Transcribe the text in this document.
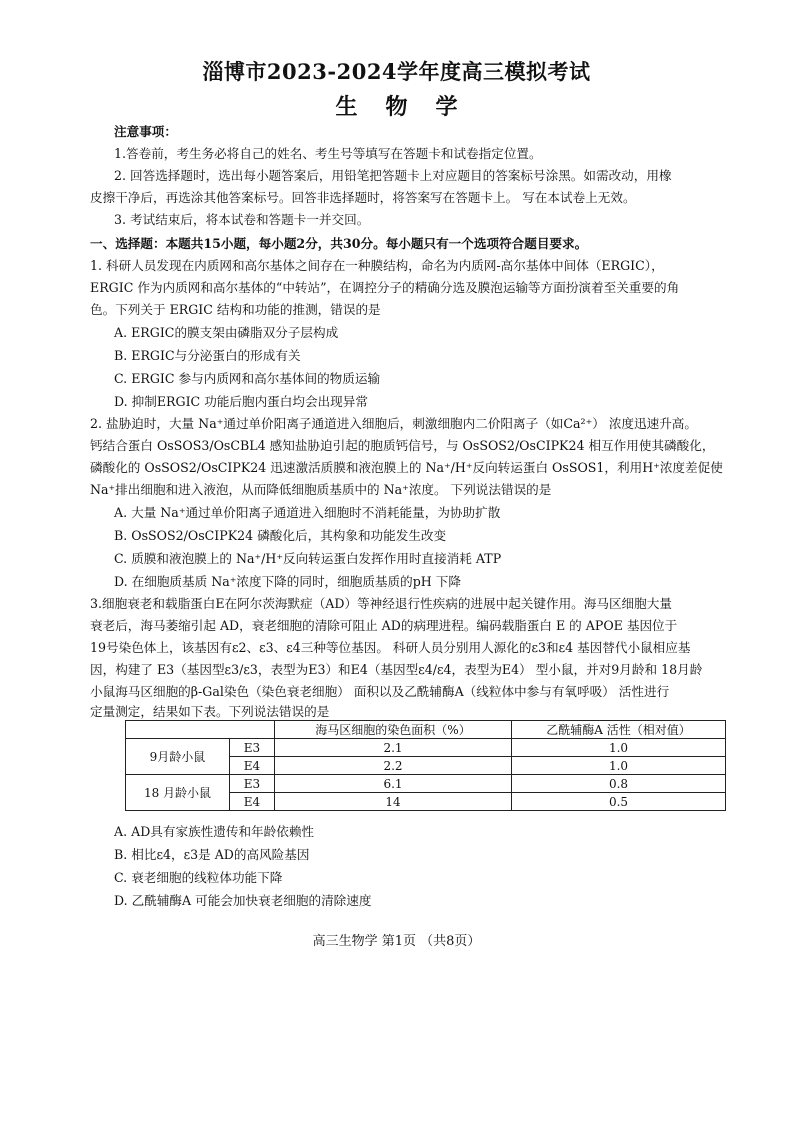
淄博市2023-2024学年度高三模拟考试
生物学
注意事项：
1.答卷前，考生务必将自己的姓名、考生号等填写在答题卡和试卷指定位置。
2. 回答选择题时，选出每小题答案后，用铅笔把答题卡上对应题目的答案标号涂黑。如需改动，用橡
皮擦干净后，再选涂其他答案标号。回答非选择题时，将答案写在答题卡上。 写在本试卷上无效。
3. 考试结束后，将本试卷和答题卡一并交回。
一、选择题：本题共15小题，每小题2分，共30分。每小题只有一个选项符合题目要求。
1. 科研人员发现在内质网和高尔基体之间存在一种膜结构，命名为内质网-高尔基体中间体（ERGIC），
ERGIC 作为内质网和高尔基体的“中转站”，在调控分子的精确分选及膜泡运输等方面扮演着至关重要的角
色。下列关于 ERGIC 结构和功能的推测，错误的是
A. ERGIC的膜支架由磷脂双分子层构成
B. ERGIC与分泌蛋白的形成有关
C. ERGIC 参与内质网和高尔基体间的物质运输
D. 抑制ERGIC 功能后胞内蛋白均会出现异常
2. 盐胁迫时，大量 Na⁺通过单价阳离子通道进入细胞后，刺激细胞内二价阳离子（如Ca²⁺） 浓度迅速升高。
钙结合蛋白 OsSOS3/OsCBL4 感知盐胁迫引起的胞质钙信号，与 OsSOS2/OsCIPK24 相互作用使其磷酸化，
磷酸化的 OsSOS2/OsCIPK24 迅速激活质膜和液泡膜上的 Na⁺/H⁺反向转运蛋白 OsSOS1，利用H⁺浓度差促使
Na⁺排出细胞和进入液泡，从而降低细胞质基质中的 Na⁺浓度。 下列说法错误的是
A. 大量 Na⁺通过单价阳离子通道进入细胞时不消耗能量，为协助扩散
B. OsSOS2/OsCIPK24 磷酸化后，其构象和功能发生改变
C. 质膜和液泡膜上的 Na⁺/H⁺反向转运蛋白发挥作用时直接消耗 ATP
D. 在细胞质基质 Na⁺浓度下降的同时，细胞质基质的pH 下降
3.细胞衰老和载脂蛋白E在阿尔茨海默症（AD）等神经退行性疾病的进展中起关键作用。海马区细胞大量
衰老后，海马萎缩引起 AD，衰老细胞的清除可阻止 AD的病理进程。编码载脂蛋白 E 的 APOE 基因位于
19号染色体上，该基因有ε2、ε3、ε4三种等位基因。 科研人员分别用人源化的ε3和ε4 基因替代小鼠相应基
因，构建了 E3（基因型ε3/ε3，表型为E3）和E4（基因型ε4/ε4，表型为E4） 型小鼠，并对9月龄和 18月龄
小鼠海马区细胞的β-Gal染色（染色衰老细胞） 面积以及乙酰辅酶A（线粒体中参与有氧呼吸） 活性进行
定量测定，结果如下表。下列说法错误的是
		海马区细胞的染色面积（%）	乙酰辅酶A 活性（相对值）
9月龄小鼠	E3	2.1	1.0
	E4	2.2	1.0
18 月龄小鼠	E3	6.1	0.8
	E4	14	0.5
A. AD具有家族性遗传和年龄依赖性
B. 相比ε4，ε3是 AD的高风险基因
C. 衰老细胞的线粒体功能下降
D. 乙酰辅酶A 可能会加快衰老细胞的清除速度
高三生物学 第1页 （共8页）
